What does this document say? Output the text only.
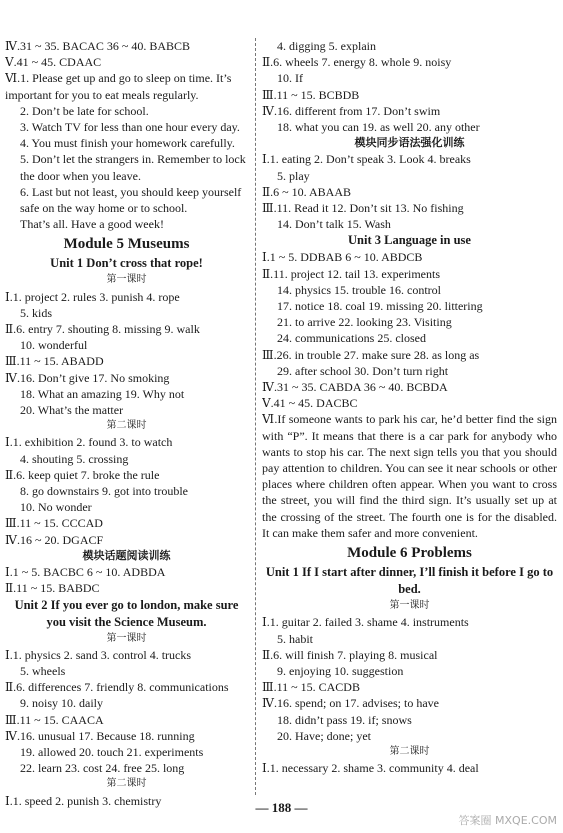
Ⅳ.31 ~ 35. BACAC 36 ~ 40. BABCB
Ⅴ.41 ~ 45. CDAAC
Ⅵ.1. Please get up and go to sleep on time. It’s important for you to eat meals regularly.
2. Don’t be late for school.
3. Watch TV for less than one hour every day.
4. You must finish your homework carefully.
5. Don’t let the strangers in. Remember to lock the door when you leave.
6. Last but not least, you should keep yourself safe on the way home or to school.
That’s all. Have a good week!
Module 5 Museums
Unit 1 Don’t cross that rope!
第一课时
Ⅰ.1. project 2. rules 3. punish 4. rope
5. kids
Ⅱ.6. entry 7. shouting 8. missing 9. walk
10. wonderful
Ⅲ.11 ~ 15. ABADD
Ⅳ.16. Don’t give 17. No smoking
18. What an amazing 19. Why not
20. What’s the matter
第二课时
Ⅰ.1. exhibition 2. found 3. to watch
4. shouting 5. crossing
Ⅱ.6. keep quiet 7. broke the rule
8. go downstairs 9. got into trouble
10. No wonder
Ⅲ.11 ~ 15. CCCAD
Ⅳ.16 ~ 20. DGACF
模块话题阅读训练
Ⅰ.1 ~ 5. BACBC 6 ~ 10. ADBDA
Ⅱ.11 ~ 15. BABDC
Unit 2 If you ever go to london, make sure you visit the Science Museum.
第一课时
Ⅰ.1. physics 2. sand 3. control 4. trucks
5. wheels
Ⅱ.6. differences 7. friendly 8. communications
9. noisy 10. daily
Ⅲ.11 ~ 15. CAACA
Ⅳ.16. unusual 17. Because 18. running
19. allowed 20. touch 21. experiments
22. learn 23. cost 24. free 25. long
第二课时
Ⅰ.1. speed 2. punish 3. chemistry
4. digging 5. explain
Ⅱ.6. wheels 7. energy 8. whole 9. noisy
10. If
Ⅲ.11 ~ 15. BCBDB
Ⅳ.16. different from 17. Don’t swim
18. what you can 19. as well 20. any other
模块同步语法强化训练
Ⅰ.1. eating 2. Don’t speak 3. Look 4. breaks
5. play
Ⅱ.6 ~ 10. ABAAB
Ⅲ.11. Read it 12. Don’t sit 13. No fishing
14. Don’t talk 15. Wash
Unit 3 Language in use
Ⅰ.1 ~ 5. DDBAB 6 ~ 10. ABDCB
Ⅱ.11. project 12. tail 13. experiments
14. physics 15. trouble 16. control
17. notice 18. coal 19. missing 20. littering
21. to arrive 22. looking 23. Visiting
24. communications 25. closed
Ⅲ.26. in trouble 27. make sure 28. as long as
29. after school 30. Don’t turn right
Ⅳ.31 ~ 35. CABDA 36 ~ 40. BCBDA
Ⅴ.41 ~ 45. DACBC
Ⅵ.If someone wants to park his car, he’d better find the sign with “P”. It means that there is a car park for anybody who wants to stop his car. The next sign tells you that you should pay attention to children. You can see it near schools or other places where children often appear. When you want to cross the street, you will find the third sign. It’s usually set up at the crossing of the street. The fourth one is for the disabled. It can make them safer and more convenient.
Module 6 Problems
Unit 1 If I start after dinner, I’ll finish it before I go to bed.
第一课时
Ⅰ.1. guitar 2. failed 3. shame 4. instruments
5. habit
Ⅱ.6. will finish 7. playing 8. musical
9. enjoying 10. suggestion
Ⅲ.11 ~ 15. CACDB
Ⅳ.16. spend; on 17. advises; to have
18. didn’t pass 19. if; snows
20. Have; done; yet
第二课时
Ⅰ.1. necessary 2. shame 3. community 4. deal
— 188 —
答案圈 MXQE.COM
